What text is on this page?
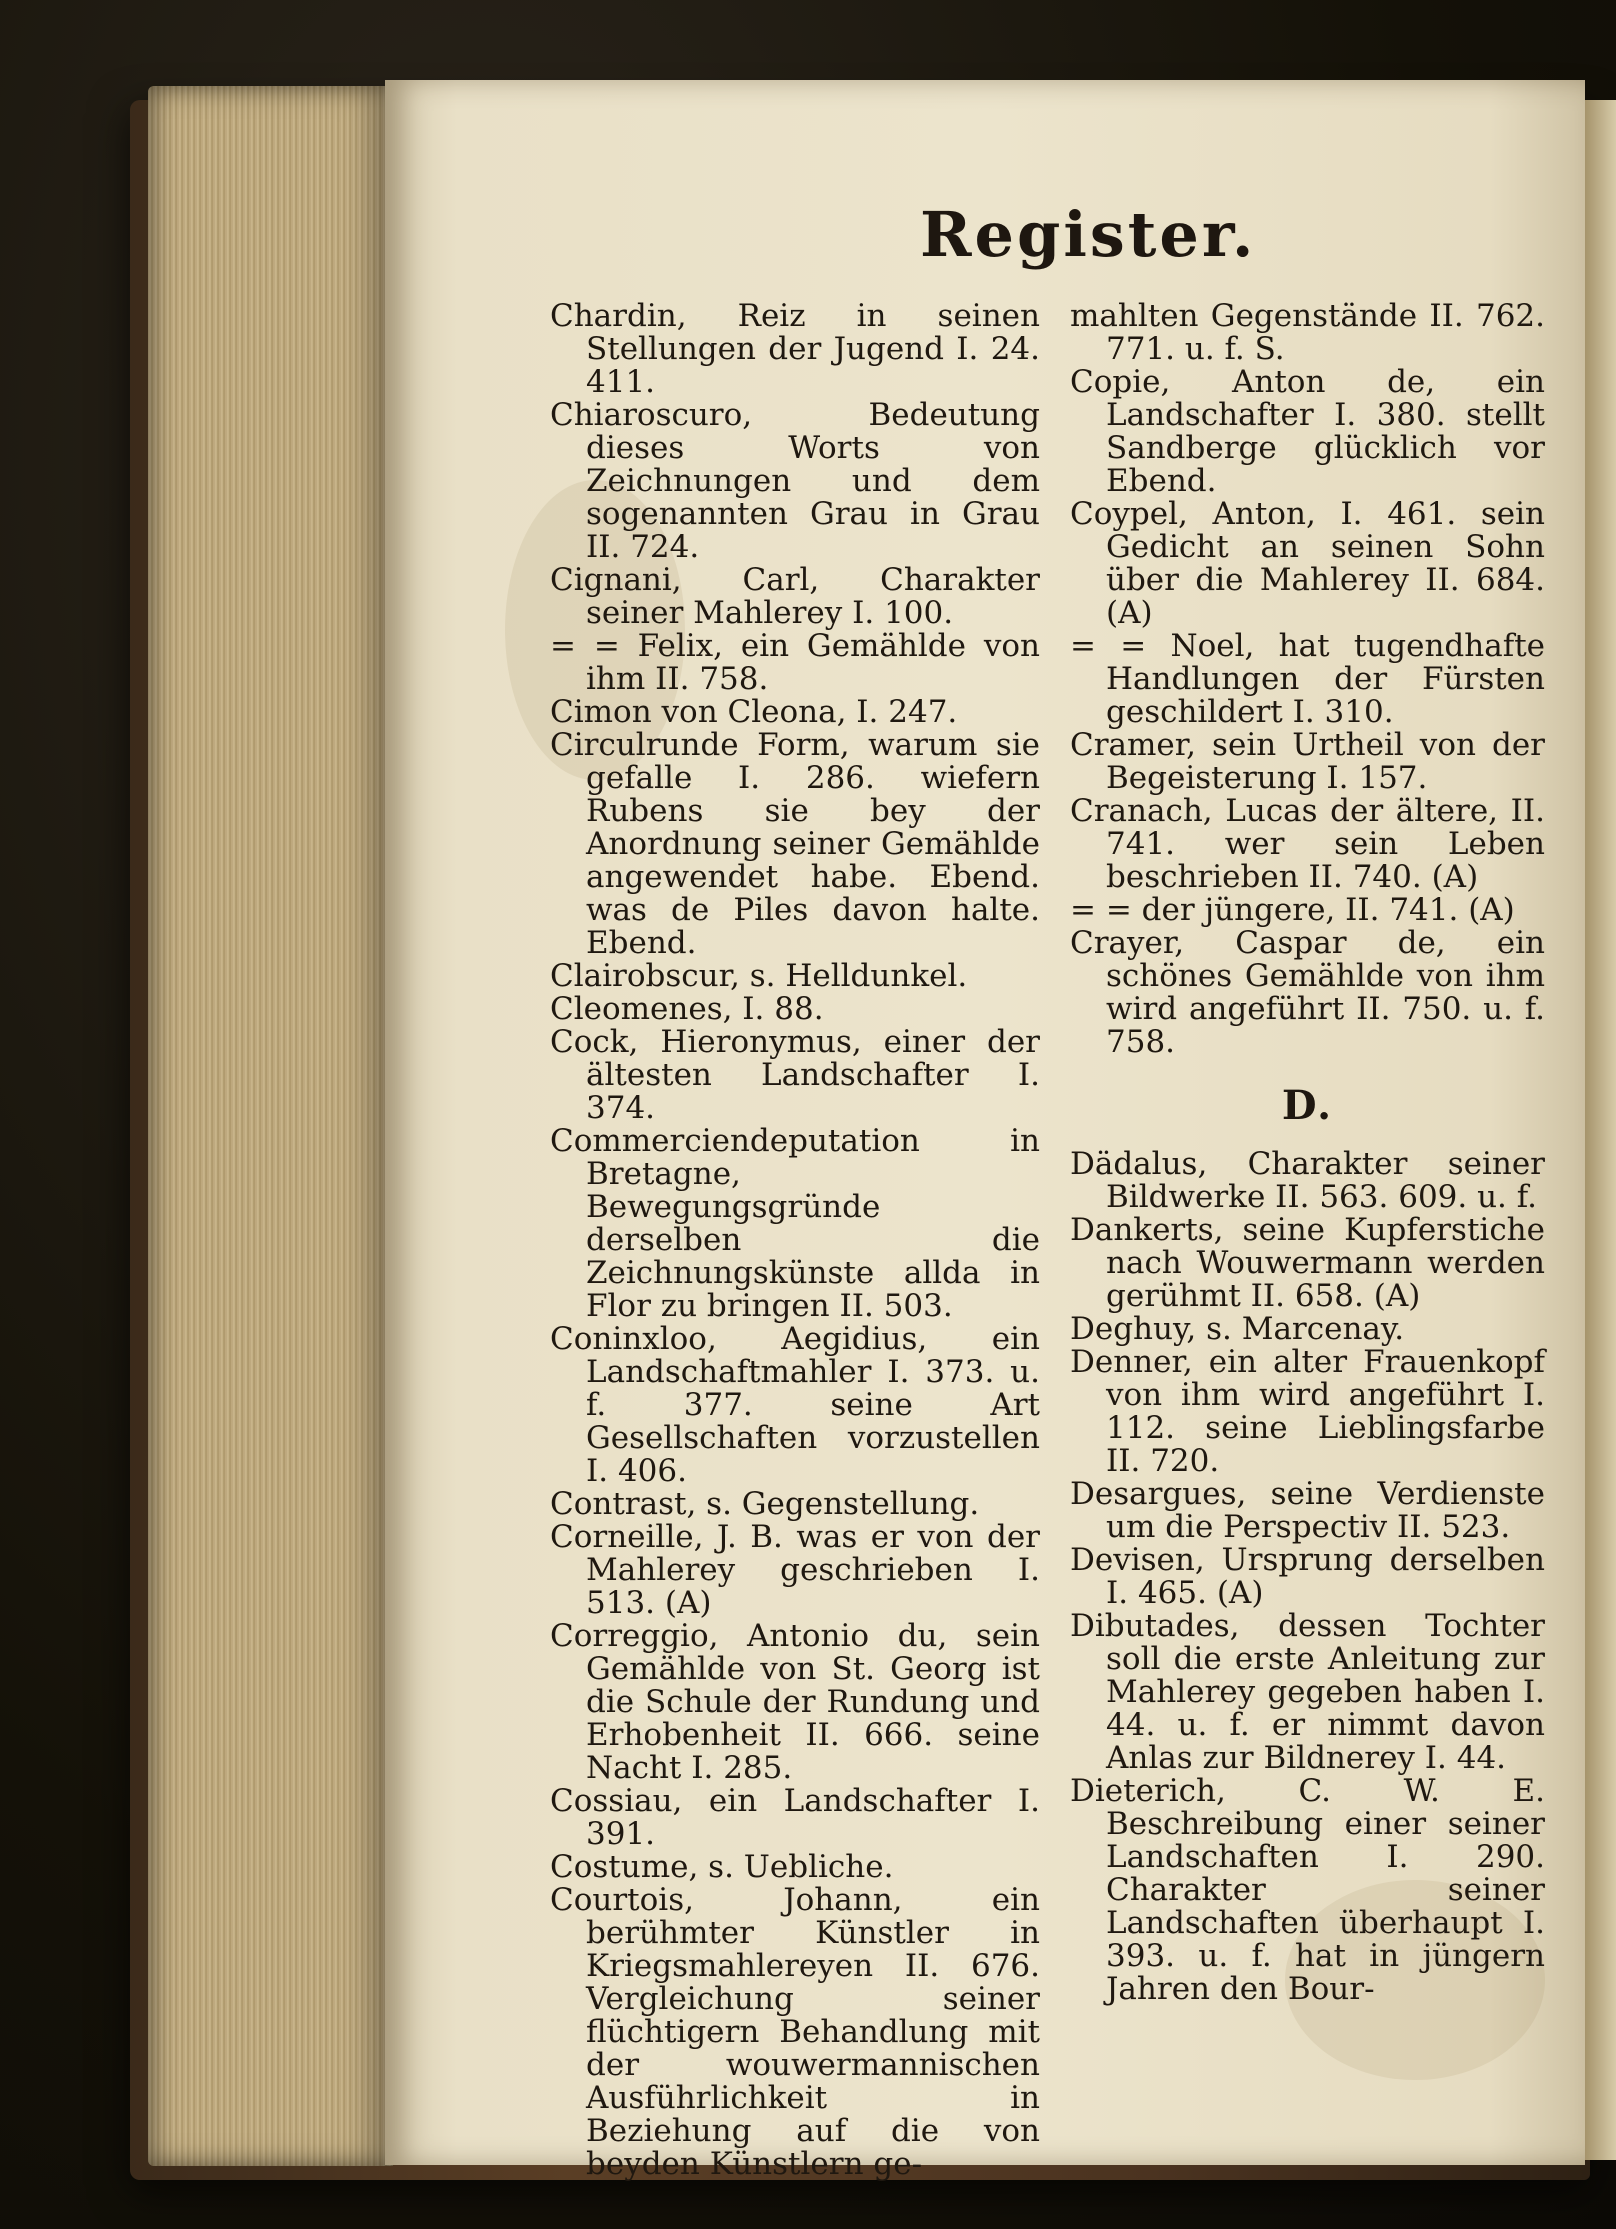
Register.

Chardin, Reiz in seinen Stellungen der Jugend I. 24. 411.

Chiaroscuro, Bedeutung dieses Worts von Zeichnungen und dem sogenannten Grau in Grau II. 724.

Cignani, Carl, Charakter seiner Mahlerey I. 100.

= = Felix, ein Gemählde von ihm II. 758.

Cimon von Cleona, I. 247.

Circulrunde Form, warum sie gefalle I. 286. wiefern Rubens sie bey der Anordnung seiner Gemählde angewendet habe. Ebend. was de Piles davon halte. Ebend.

Clairobscur, s. Helldunkel.

Cleomenes, I. 88.

Cock, Hieronymus, einer der ältesten Landschafter I. 374.

Commerciendeputation in Bretagne, Bewegungsgründe derselben die Zeichnungskünste allda in Flor zu bringen II. 503.

Coninxloo, Aegidius, ein Landschaftmahler I. 373. u. f. 377. seine Art Gesellschaften vorzustellen I. 406.

Contrast, s. Gegenstellung.

Corneille, J. B. was er von der Mahlerey geschrieben I. 513. (A)

Correggio, Antonio du, sein Gemählde von St. Georg ist die Schule der Rundung und Erhobenheit II. 666. seine Nacht I. 285.

Cossiau, ein Landschafter I. 391.

Costume, s. Uebliche.

Courtois, Johann, ein berühmter Künstler in Kriegsmahlereyen II. 676. Vergleichung seiner flüchtigern Behandlung mit der wouwermannischen Ausführlichkeit in Beziehung auf die von beyden Künstlern ge-

mahlten Gegenstände II. 762. 771. u. f. S.

Copie, Anton de, ein Landschafter I. 380. stellt Sandberge glücklich vor Ebend.

Coypel, Anton, I. 461. sein Gedicht an seinen Sohn über die Mahlerey II. 684. (A)

= = Noel, hat tugendhafte Handlungen der Fürsten geschildert I. 310.

Cramer, sein Urtheil von der Begeisterung I. 157.

Cranach, Lucas der ältere, II. 741. wer sein Leben beschrieben II. 740. (A)

= = der jüngere, II. 741. (A)

Crayer, Caspar de, ein schönes Gemählde von ihm wird angeführt II. 750. u. f. 758.

D.

Dädalus, Charakter seiner Bildwerke II. 563. 609. u. f.

Dankerts, seine Kupferstiche nach Wouwermann werden gerühmt II. 658. (A)

Deghuy, s. Marcenay.

Denner, ein alter Frauenkopf von ihm wird angeführt I. 112. seine Lieblingsfarbe II. 720.

Desargues, seine Verdienste um die Perspectiv II. 523.

Devisen, Ursprung derselben I. 465. (A)

Dibutades, dessen Tochter soll die erste Anleitung zur Mahlerey gegeben haben I. 44. u. f. er nimmt davon Anlas zur Bildnerey I. 44.

Dieterich, C. W. E. Beschreibung einer seiner Landschaften I. 290. Charakter seiner Landschaften überhaupt I. 393. u. f. hat in jüngern Jahren den Bour-
